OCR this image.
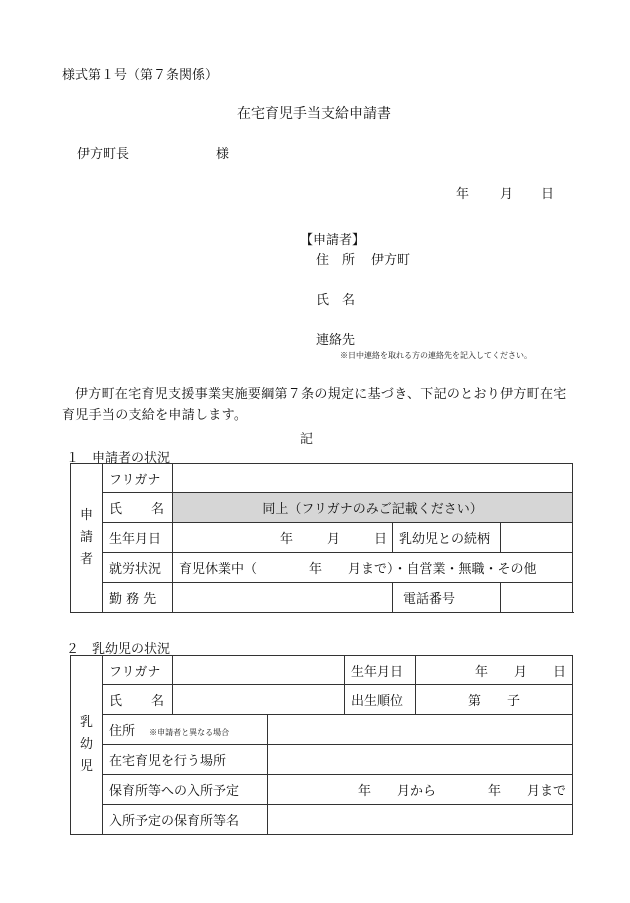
様式第１号（第７条関係）
在宅育児手当支給申請書
伊方町長	様
年 月 日
【申請者】
住　所 伊方町
氏　名
連絡先
※日中連絡を取れる方の連絡先を記入してください。
伊方町在宅育児支援事業実施要綱第７条の規定に基づき、下記のとおり伊方町在宅育児手当の支給を申請します。
記
１　申請者の状況
申
請
者	フリガナ			

	氏 名	同上（フリガナのみご記載ください）		
	生年月日	年 月 日	乳幼児との続柄	
	就労状況	育児休業中（　　　　年　　月まで）・自営業・無職・その他		
	勤 務 先		電話番号	
２　乳幼児の状況
乳
幼
児	フリガナ			生年月日	年　　月　　日

	氏 名			出生順位	第　　子
	住所 ※申請者と異なる場合				
	在宅育児を行う場所				
	保育所等への入所予定		年　　月から　　　　年　　月まで		
	入所予定の保育所等名				
